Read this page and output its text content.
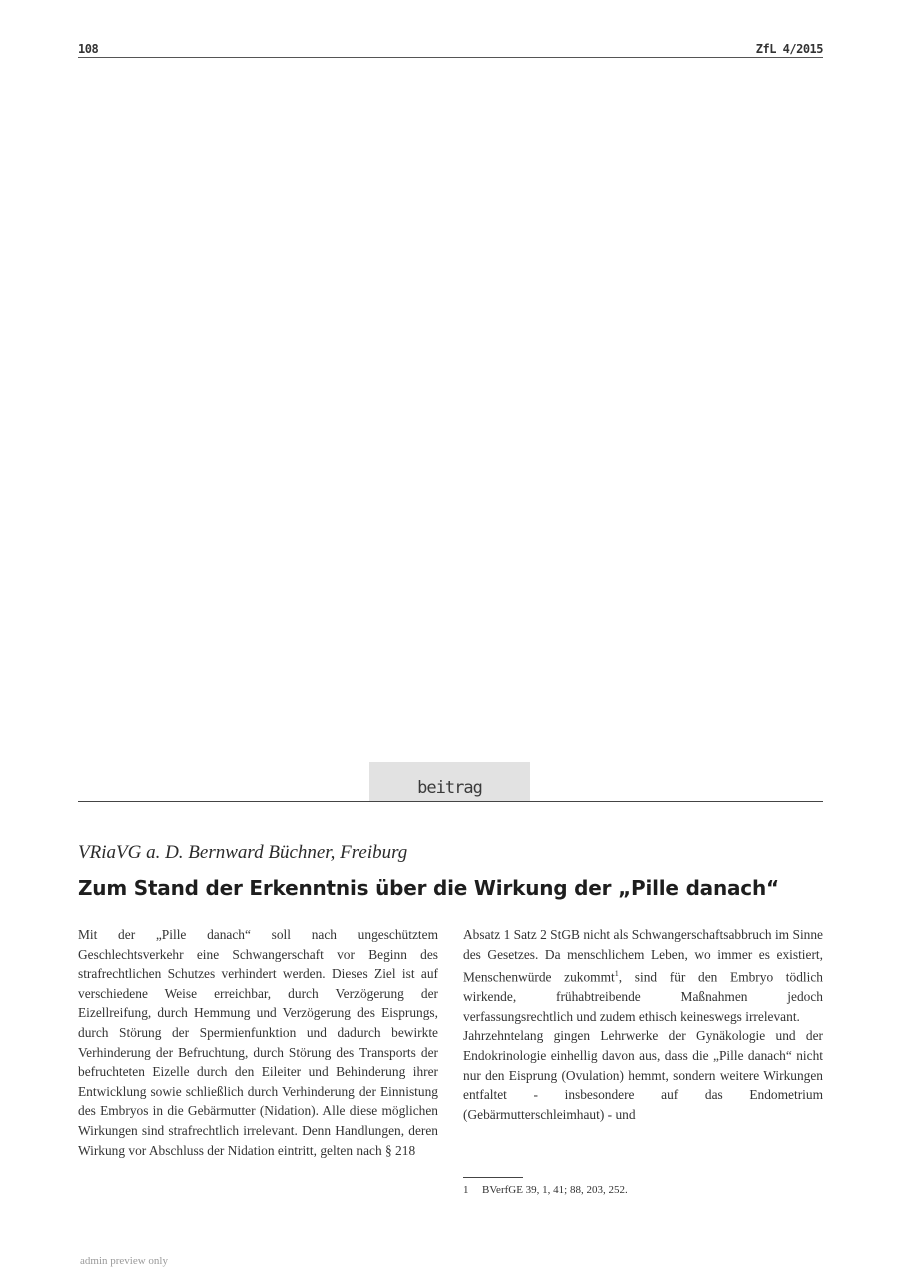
108	ZfL 4/2015
beitrag
VRiaVG a. D. Bernward Büchner, Freiburg
Zum Stand der Erkenntnis über die Wirkung der „Pille danach“

Mit der „Pille danach“ soll nach ungeschütztem Geschlechtsverkehr eine Schwangerschaft vor Beginn des strafrechtlichen Schutzes verhindert werden. Dieses Ziel ist auf verschiedene Weise erreichbar, durch Verzögerung der Eizellreifung, durch Hemmung und Verzögerung des Eisprungs, durch Störung der Spermienfunktion und dadurch bewirkte Verhinderung der Befruchtung, durch Störung des Transports der befruchteten Eizelle durch den Eileiter und Behinderung ihrer Entwicklung sowie schließlich durch Verhinderung der Einnistung des Embryos in die Gebärmutter (Nidation). Alle diese möglichen Wirkungen sind strafrechtlich irrelevant. Denn Handlungen, deren Wirkung vor Abschluss der Nidation eintritt, gelten nach § 218

Absatz 1 Satz 2 StGB nicht als Schwangerschaftsabbruch im Sinne des Gesetzes. Da menschlichem Leben, wo immer es existiert, Menschenwürde zukommt$^1$, sind für den Embryo tödlich wirkende, frühabtreibende Maßnahmen jedoch verfassungsrechtlich und zudem ethisch keineswegs irrelevant.

Jahrzehntelang gingen Lehrwerke der Gynäkologie und der Endokrinologie einhellig davon aus, dass die „Pille danach“ nicht nur den Eisprung (Ovulation) hemmt, sondern weitere Wirkungen entfaltet - insbesondere auf das Endometrium (Gebärmutterschleimhaut) - und

1 BVerfGE 39, 1, 41; 88, 203, 252.
admin preview only
